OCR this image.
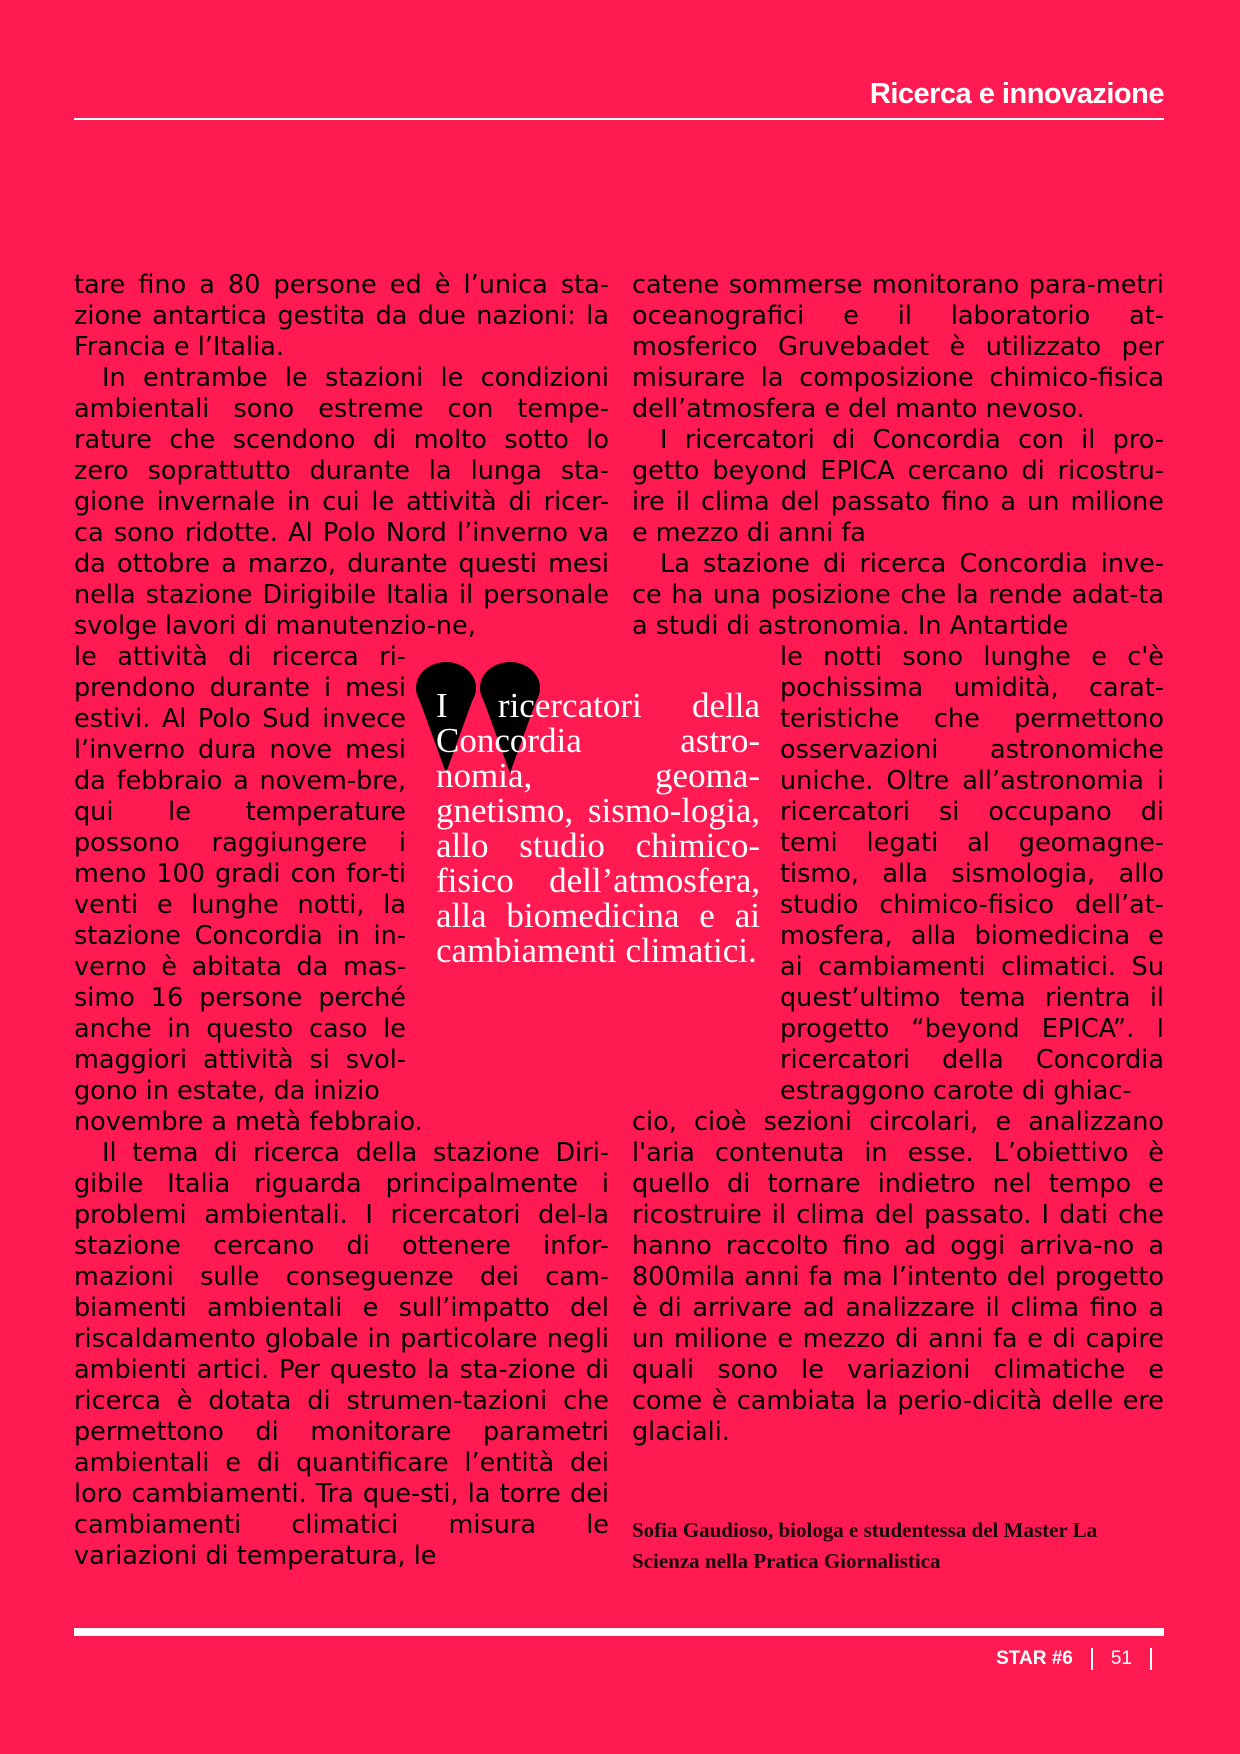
Ricerca e innovazione

tare fino a 80 persone ed è l’unica sta-zione antartica gestita da due nazioni: la Francia e l’Italia.

In entrambe le stazioni le condizioni ambientali sono estreme con tempe-rature che scendono di molto sotto lo zero soprattutto durante la lunga sta-gione invernale in cui le attività di ricer-ca sono ridotte. Al Polo Nord l’inverno va da ottobre a marzo, durante questi mesi nella stazione Dirigibile Italia il personale svolge lavori di manutenzio-ne,

le attività di ricerca ri-prendono durante i mesi estivi. Al Polo Sud invece l’inverno dura nove mesi da febbraio a novem-bre, qui le temperature possono raggiungere i meno 100 gradi con for-ti venti e lunghe notti, la stazione Concordia in in-verno è abitata da mas-simo 16 persone perché anche in questo caso le maggiori attività si svol-gono in estate, da inizio

novembre a metà febbraio.

Il tema di ricerca della stazione Diri-gibile Italia riguarda principalmente i problemi ambientali. I ricercatori del-la stazione cercano di ottenere infor-mazioni sulle conseguenze dei cam-biamenti ambientali e sull’impatto del riscaldamento globale in particolare negli ambienti artici. Per questo la sta-zione di ricerca è dotata di strumen-tazioni che permettono di monitorare parametri ambientali e di quantificare l’entità dei loro cambiamenti. Tra que-sti, la torre dei cambiamenti climatici misura le variazioni di temperatura, le

catene sommerse monitorano para-metri oceanografici e il laboratorio at-mosferico Gruvebadet è utilizzato per misurare la composizione chimico-fisica dell’atmosfera e del manto nevoso.

I ricercatori di Concordia con il pro-getto beyond EPICA cercano di ricostru-ire il clima del passato fino a un milione e mezzo di anni fa

La stazione di ricerca Concordia inve-ce ha una posizione che la rende adat-ta a studi di astronomia. In Antartide

le notti sono lunghe e c'è pochissima umidità, carat-teristiche che permettono osservazioni astronomiche uniche. Oltre all’astronomia i ricercatori si occupano di temi legati al geomagne-tismo, alla sismologia, allo studio chimico-fisico dell’at-mosfera, alla biomedicina e ai cambiamenti climatici. Su quest’ultimo tema rientra il progetto “beyond EPICA”. I ricercatori della Concordia estraggono carote di ghiac-

cio, cioè sezioni circolari, e analizzano l'aria contenuta in esse. L’obiettivo è quello di tornare indietro nel tempo e ricostruire il clima del passato. I dati che hanno raccolto fino ad oggi arriva-no a 800mila anni fa ma l’intento del progetto è di arrivare ad analizzare il clima fino a un milione e mezzo di anni fa e di capire quali sono le variazioni climatiche e come è cambiata la perio-dicità delle ere glaciali.

I ricercatori della Concordia astro-nomia, geoma-gnetismo, sismo-logia, allo studio chimico-fisico dell’atmosfera, alla biomedicina e ai cambiamenti climatici.
Sofia Gaudioso, biologa e studentessa del Master La Scienza nella Pratica Giornalistica
STAR #6 51
